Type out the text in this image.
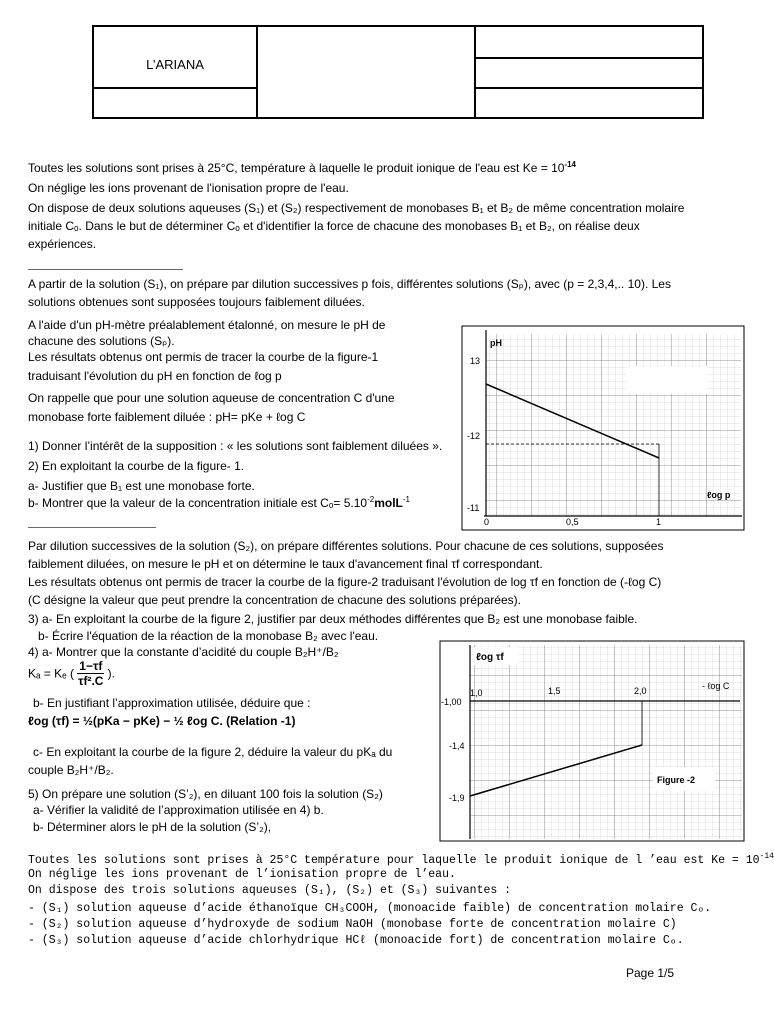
L’ARIANA
Toutes les solutions sont prises à 25°C, température à laquelle le produit ionique de l'eau est $Ke = 10^{-14}$
On néglige les ions provenant de l'ionisation propre de l'eau.
On dispose de deux solutions aqueuses (S₁) et (S₂) respectivement de monobases B₁ et B₂ de même concentration molaire
initiale Cₒ. Dans le but de déterminer Cₒ et d'identifier la force de chacune des monobases B₁ et B₂, on réalise deux
expériences.
A partir de la solution (S₁), on prépare par dilution successives p fois, différentes solutions (Sₚ), avec (p = 2,3,4,.. 10). Les
solutions obtenues sont supposées toujours faiblement diluées.
A l'aide d'un pH-mètre préalablement étalonné, on mesure le pH de
chacune des solutions (Sₚ).
Les résultats obtenus ont permis de tracer la courbe de la figure-1
traduisant l'évolution du pH en fonction de ℓog p
On rappelle que pour une solution aqueuse de concentration C d'une
monobase forte faiblement diluée : pH= pKe + ℓog C
1) Donner l’intérêt de la supposition : « les solutions sont faiblement diluées ».
2) En exploitant la courbe de la figure- 1.
a- Justifier que B₁ est une monobase forte.
b- Montrer que la valeur de la concentration initiale est $C_o= 5.10^{-2}molL^{-1}$
pH
ℓog p
13
-12
-11
0	0,5	1
Par dilution successives de la solution (S₂), on prépare différentes solutions. Pour chacune de ces solutions, supposées
faiblement diluées, on mesure le pH et on détermine le taux d'avancement final τf correspondant.
Les résultats obtenus ont permis de tracer la courbe de la figure-2 traduisant l'évolution de log τf en fonction de (-ℓog C)
(C désigne la valeur que peut prendre la concentration de chacune des solutions préparées).
3) a- En exploitant la courbe de la figure 2, justifier par deux méthodes différentes que B₂ est une monobase faible.
b- Écrire l'équation de la réaction de la monobase B₂ avec l'eau.
4) a- Montrer que la constante d’acidité du couple B₂H⁺/B₂
Kₐ = Kₑ ( $\frac{1-\tau f}{\text{τf².C}}$ ).
b- En justifiant l’approximation utilisée, déduire que :
ℓog (τf) = ½(pKa − pKe) − ½ ℓog C. (Relation -1)
c- En exploitant la courbe de la figure 2, déduire la valeur du pKₐ du
couple B₂H⁺/B₂.
5) On prépare une solution (S’₂), en diluant 100 fois la solution (S₂)
a- Vérifier la validité de l’approximation utilisée en 4) b.
b- Déterminer alors le pH de la solution (S’₂),
ℓog τf
- ℓog C
1,0	1,5	2,0
-1,00
-1,4
-1,9
Figure -2
Toutes les solutions sont prises à 25°C température pour laquelle le produit ionique de l ’eau est $Ke = 10^{-14}$
On néglige les ions provenant de l’ionisation propre de l’eau.
On dispose des trois solutions aqueuses (S₁), (S₂) et (S₃) suivantes :
- (S₁) solution aqueuse d’acide éthanoïque CH₃COOH, (monoacide faible) de concentration molaire Cₒ.
- (S₂) solution aqueuse d’hydroxyde de sodium NaOH (monobase forte de concentration molaire C)
- (S₃) solution aqueuse d’acide chlorhydrique HCℓ (monoacide fort) de concentration molaire Cₒ.
Page 1/5
